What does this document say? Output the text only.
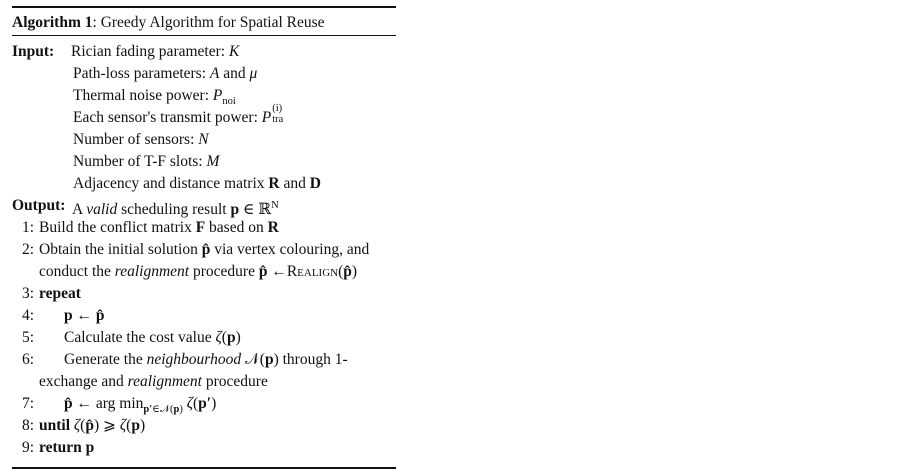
Algorithm 1: Greedy Algorithm for Spatial Reuse
Input: Rician fading parameter: K
Path-loss parameters: A and μ
Thermal noise power: $P_{noi}$
Each sensor's transmit power: P
(i)
tra
Number of sensors: N
Number of T-F slots: M
Adjacency and distance matrix R and D
Output: A valid scheduling result p ∈ ℝ$^N$
1: Build the conflict matrix F based on R
2: Obtain the initial solution p̂ via vertex colouring, and
conduct the realignment procedure p̂ ←Realign(p̂)
3: repeat
4: p ← p̂
5: Calculate the cost value ζ(p)
6: Generate the neighbourhood 𝒩(p) through 1-
exchange and realignment procedure
7: p̂ ← arg $\min_{p'\in 𝒩(p)} \zeta(p')$
8: until ζ(p̂) ⩾ ζ(p)
9: return p
